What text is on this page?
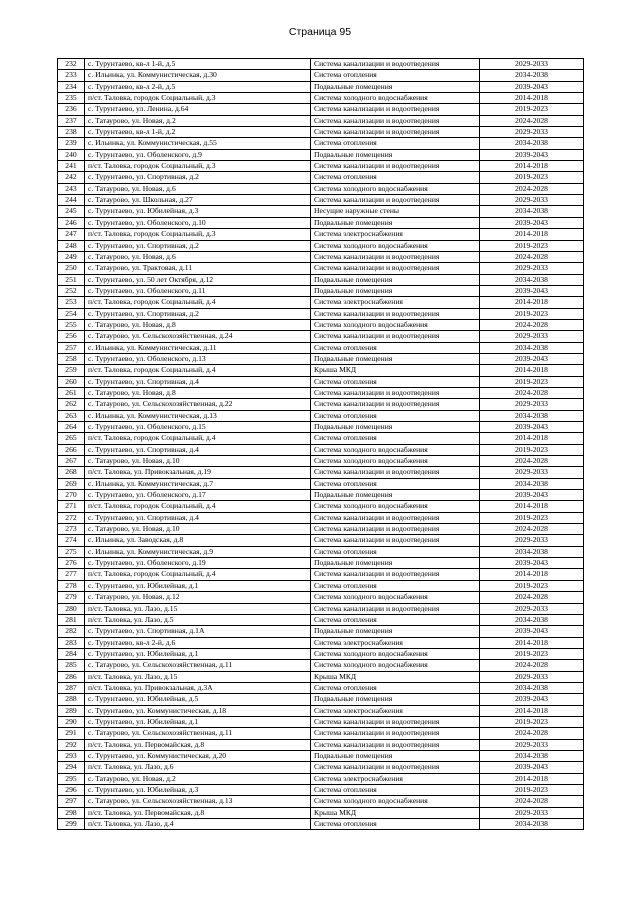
Страница 95
232	с. Турунтаево, кв-л 1-й, д.5	Система канализации и водоотведения	2029-2033
233	с. Ильинка, ул. Коммунистическая, д.30	Система отопления	2034-2038
234	с. Турунтаево, кв-л 2-й, д.5	Подвальные помещения	2039-2043
235	п/ст. Таловка, городок Социальный, д.3	Система холодного водоснабжения	2014-2018
236	с. Турунтаево, ул. Ленина, д.64	Система канализации и водоотведения	2019-2023
237	с. Татаурово, ул. Новая, д.2	Система канализации и водоотведения	2024-2028
238	с. Турунтаево, кв-л 1-й, д.2	Система канализации и водоотведения	2029-2033
239	с. Ильинка, ул. Коммунистическая, д.55	Система отопления	2034-2038
240	с. Турунтаево, ул. Оболенского, д.9	Подвальные помещения	2039-2043
241	п/ст. Таловка, городок Социальный, д.3	Система канализации и водоотведения	2014-2018
242	с. Турунтаево, ул. Спортивная, д.2	Система отопления	2019-2023
243	с. Татаурово, ул. Новая, д.6	Система холодного водоснабжения	2024-2028
244	с. Татаурово, ул. Школьная, д.27	Система канализации и водоотведения	2029-2033
245	с. Турунтаево, ул. Юбилейная, д.3	Несущие наружные стены	2034-2038
246	с. Турунтаево, ул. Оболенского, д.10	Подвальные помещения	2039-2043
247	п/ст. Таловка, городок Социальный, д.3	Система электроснабжения	2014-2018
248	с. Турунтаево, ул. Спортивная, д.2	Система холодного водоснабжения	2019-2023
249	с. Татаурово, ул. Новая, д.6	Система канализации и водоотведения	2024-2028
250	с. Татаурово, ул. Трактовая, д.11	Система канализации и водоотведения	2029-2033
251	с. Турунтаево, ул. 50 лет Октября, д.12	Подвальные помещения	2034-2038
252	с. Турунтаево, ул. Оболенского, д.11	Подвальные помещения	2039-2043
253	п/ст. Таловка, городок Социальный, д.4	Система электроснабжения	2014-2018
254	с. Турунтаево, ул. Спортивная, д.2	Система канализации и водоотведения	2019-2023
255	с. Татаурово, ул. Новая, д.8	Система холодного водоснабжения	2024-2028
256	с. Татаурово, ул. Сельскохозяйственная, д.24	Система канализации и водоотведения	2029-2033
257	с. Ильинка, ул. Коммунистическая, д.11	Система отопления	2034-2038
258	с. Турунтаево, ул. Оболенского, д.13	Подвальные помещения	2039-2043
259	п/ст. Таловка, городок Социальный, д.4	Крыша МКД	2014-2018
260	с. Турунтаево, ул. Спортивная, д.4	Система отопления	2019-2023
261	с. Татаурово, ул. Новая, д.8	Система канализации и водоотведения	2024-2028
262	с. Татаурово, ул. Сельскохозяйственная, д.22	Система канализации и водоотведения	2029-2033
263	с. Ильинка, ул. Коммунистическая, д.13	Система отопления	2034-2038
264	с. Турунтаево, ул. Оболенского, д.15	Подвальные помещения	2039-2043
265	п/ст. Таловка, городок Социальный, д.4	Система отопления	2014-2018
266	с. Турунтаево, ул. Спортивная, д.4	Система холодного водоснабжения	2019-2023
267	с. Татаурово, ул. Новая, д.10	Система холодного водоснабжения	2024-2028
268	п/ст. Таловка, ул. Привокзальная, д.19	Система канализации и водоотведения	2029-2033
269	с. Ильинка, ул. Коммунистическая, д.7	Система отопления	2034-2038
270	с. Турунтаево, ул. Оболенского, д.17	Подвальные помещения	2039-2043
271	п/ст. Таловка, городок Социальный, д.4	Система холодного водоснабжения	2014-2018
272	с. Турунтаево, ул. Спортивная, д.4	Система канализации и водоотведения	2019-2023
273	с. Татаурово, ул. Новая, д.10	Система канализации и водоотведения	2024-2028
274	с. Ильинка, ул. Заводская, д.8	Система канализации и водоотведения	2029-2033
275	с. Ильинка, ул. Коммунистическая, д.9	Система отопления	2034-2038
276	с. Турунтаево, ул. Оболенского, д.19	Подвальные помещения	2039-2043
277	п/ст. Таловка, городок Социальный, д.4	Система канализации и водоотведения	2014-2018
278	с. Турунтаево, ул. Юбилейная, д.1	Система отопления	2019-2023
279	с. Татаурово, ул. Новая, д.12	Система холодного водоснабжения	2024-2028
280	п/ст. Таловка, ул. Лазо, д.15	Система канализации и водоотведения	2029-2033
281	п/ст. Таловка, ул. Лазо, д.5	Система отопления	2034-2038
282	с. Турунтаево, ул. Спортивная, д.1А	Подвальные помещения	2039-2043
283	с. Турунтаево, кв-л 2-й, д.6	Система электроснабжения	2014-2018
284	с. Турунтаево, ул. Юбилейная, д.1	Система холодного водоснабжения	2019-2023
285	с. Татаурово, ул. Сельскохозяйственная, д.11	Система холодного водоснабжения	2024-2028
286	п/ст. Таловка, ул. Лазо, д.15	Крыша МКД	2029-2033
287	п/ст. Таловка, ул. Привокзальная, д.3А	Система отопления	2034-2038
288	с. Турунтаево, ул. Юбилейная, д.5	Подвальные помещения	2039-2043
289	с. Турунтаево, ул. Коммунистическая, д.18	Система электроснабжения	2014-2018
290	с. Турунтаево, ул. Юбилейная, д.1	Система канализации и водоотведения	2019-2023
291	с. Татаурово, ул. Сельскохозяйственная, д.11	Система канализации и водоотведения	2024-2028
292	п/ст. Таловка, ул. Первомайская, д.8	Система канализации и водоотведения	2029-2033
293	с. Турунтаево, ул. Коммунистическая, д.20	Подвальные помещения	2034-2038
294	п/ст. Таловка, ул. Лазо, д.6	Система канализации и водоотведения	2039-2043
295	с. Татаурово, ул. Новая, д.2	Система электроснабжения	2014-2018
296	с. Турунтаево, ул. Юбилейная, д.3	Система отопления	2019-2023
297	с. Татаурово, ул. Сельскохозяйственная, д.13	Система холодного водоснабжения	2024-2028
298	п/ст. Таловка, ул. Первомайская, д.8	Крыша МКД	2029-2033
299	п/ст. Таловка, ул. Лазо, д.4	Система отопления	2034-2038
